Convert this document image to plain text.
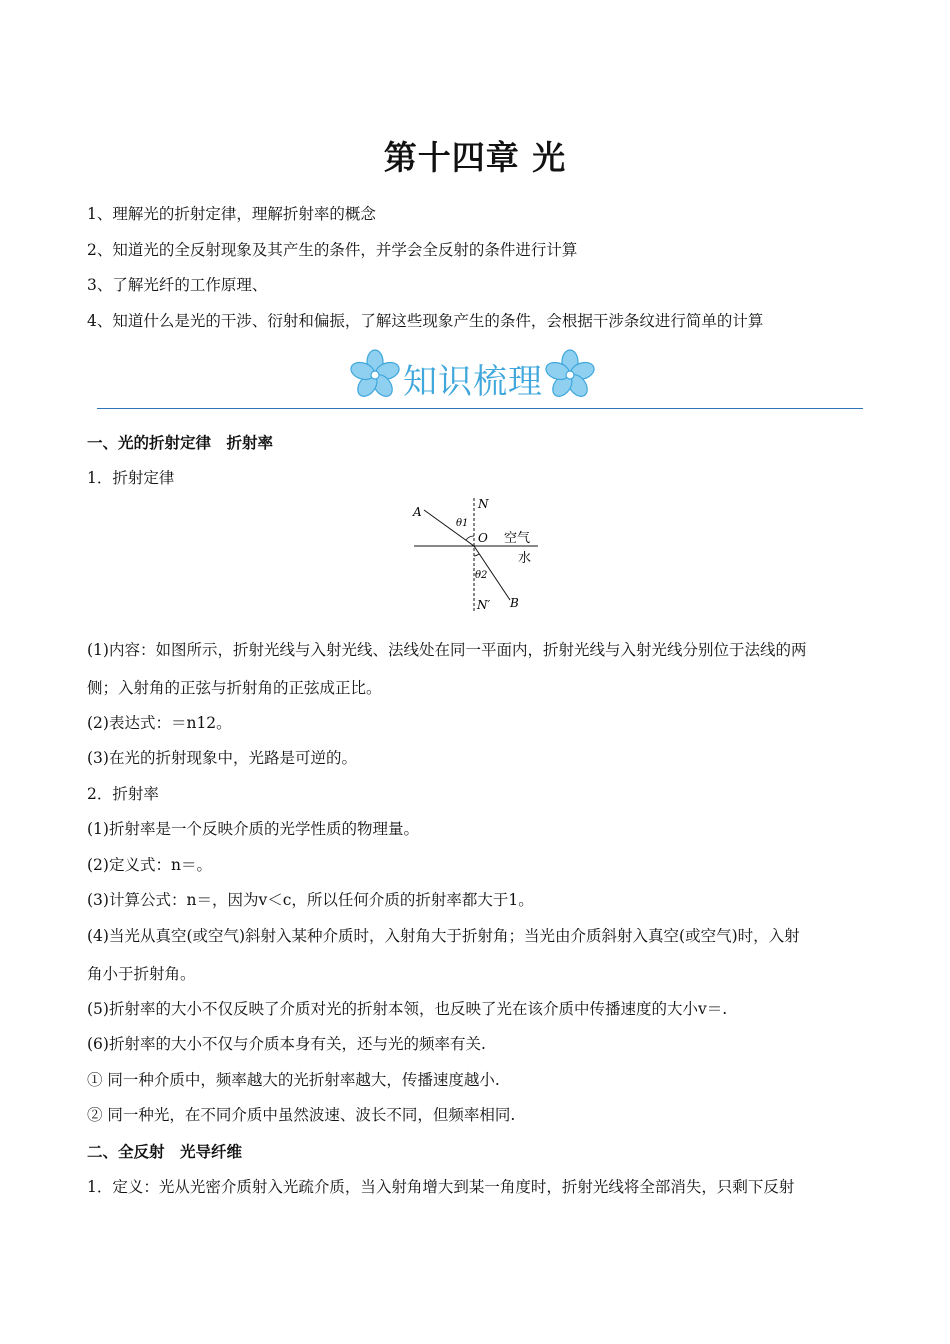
第十四章 光
1、理解光的折射定律，理解折射率的概念
2、知道光的全反射现象及其产生的条件，并学会全反射的条件进行计算
3、了解光纤的工作原理、
4、知道什么是光的干涉、衍射和偏振，了解这些现象产生的条件，会根据干涉条纹进行简单的计算
知识梳理
一、光的折射定律　折射率
1．折射定律
A
N
θ1
O 空气
水
θ2
N′ B
(1)内容：如图所示，折射光线与入射光线、法线处在同一平面内，折射光线与入射光线分别位于法线的两
侧；入射角的正弦与折射角的正弦成正比。
(2)表达式：＝n12。
(3)在光的折射现象中，光路是可逆的。
2．折射率
(1)折射率是一个反映介质的光学性质的物理量。
(2)定义式：n＝。
(3)计算公式：n＝，因为v＜c，所以任何介质的折射率都大于1。
(4)当光从真空(或空气)斜射入某种介质时，入射角大于折射角；当光由介质斜射入真空(或空气)时，入射
角小于折射角。
(5)折射率的大小不仅反映了介质对光的折射本领，也反映了光在该介质中传播速度的大小v＝.
(6)折射率的大小不仅与介质本身有关，还与光的频率有关.
① 同一种介质中，频率越大的光折射率越大，传播速度越小.
② 同一种光，在不同介质中虽然波速、波长不同，但频率相同.
二、全反射　光导纤维
1．定义：光从光密介质射入光疏介质，当入射角增大到某一角度时，折射光线将全部消失，只剩下反射
